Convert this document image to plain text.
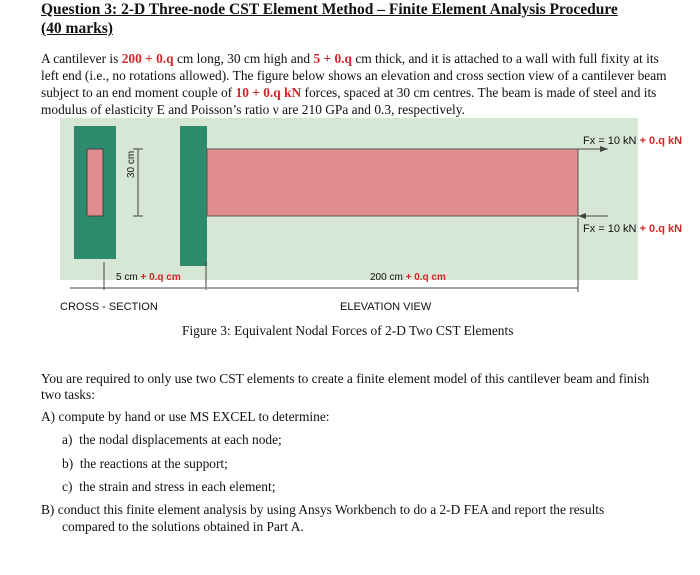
Question 3: 2-D Three-node CST Element Method – Finite Element Analysis Procedure
(40 marks)
A cantilever is 200 + 0.q cm long, 30 cm high and 5 + 0.q cm thick, and it is attached to a wall with full fixity at its left end (i.e., no rotations allowed). The figure below shows an elevation and cross section view of a cantilever beam subject to an end moment couple of 10 + 0.q kN forces, spaced at 30 cm centres. The beam is made of steel and its modulus of elasticity E and Poisson’s ratio ν are 210 GPa and 0.3, respectively.
30 cm
Fx = 10 kN + 0.q kN
Fx = 10 kN + 0.q kN
5 cm + 0.q cm	200 cm + 0.q cm
CROSS - SECTION	ELEVATION VIEW
Figure 3: Equivalent Nodal Forces of 2-D Two CST Elements
You are required to only use two CST elements to create a finite element model of this cantilever beam and finish two tasks:
A) compute by hand or use MS EXCEL to determine:
a) the nodal displacements at each node;
b) the reactions at the support;
c) the strain and stress in each element;
B) conduct this finite element analysis by using Ansys Workbench to do a 2-D FEA and report the results
compared to the solutions obtained in Part A.
